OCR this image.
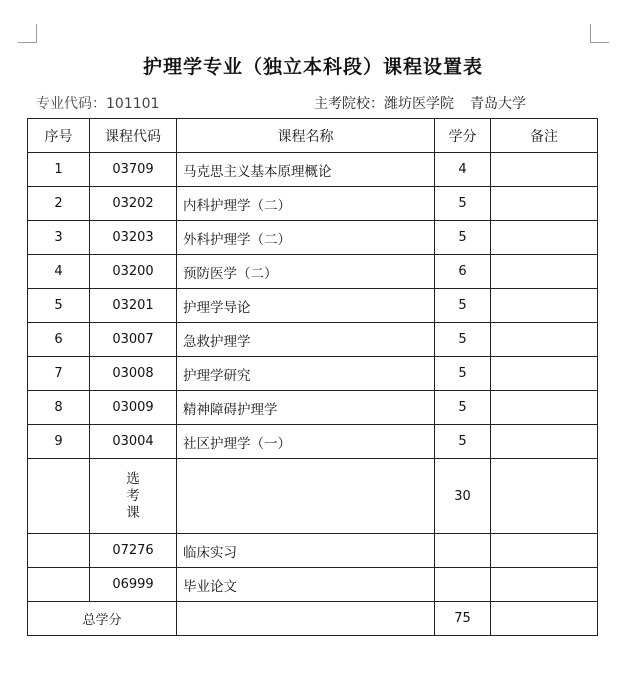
护理学专业（独立本科段）课程设置表
专业代码：101101	主考院校：潍坊医学院 青岛大学
序号	课程代码	课程名称	学分	备注
1	03709	马克思主义基本原理概论	4	
2	03202	内科护理学（二）	5	
3	03203	外科护理学（二）	5	
4	03200	预防医学（二）	6	
5	03201	护理学导论	5	
6	03007	急救护理学	5	
7	03008	护理学研究	5	
8	03009	精神障碍护理学	5	
9	03004	社区护理学（一）	5	
	选考课		30	
	07276	临床实习		
	06999	毕业论文		
总学分			75	
